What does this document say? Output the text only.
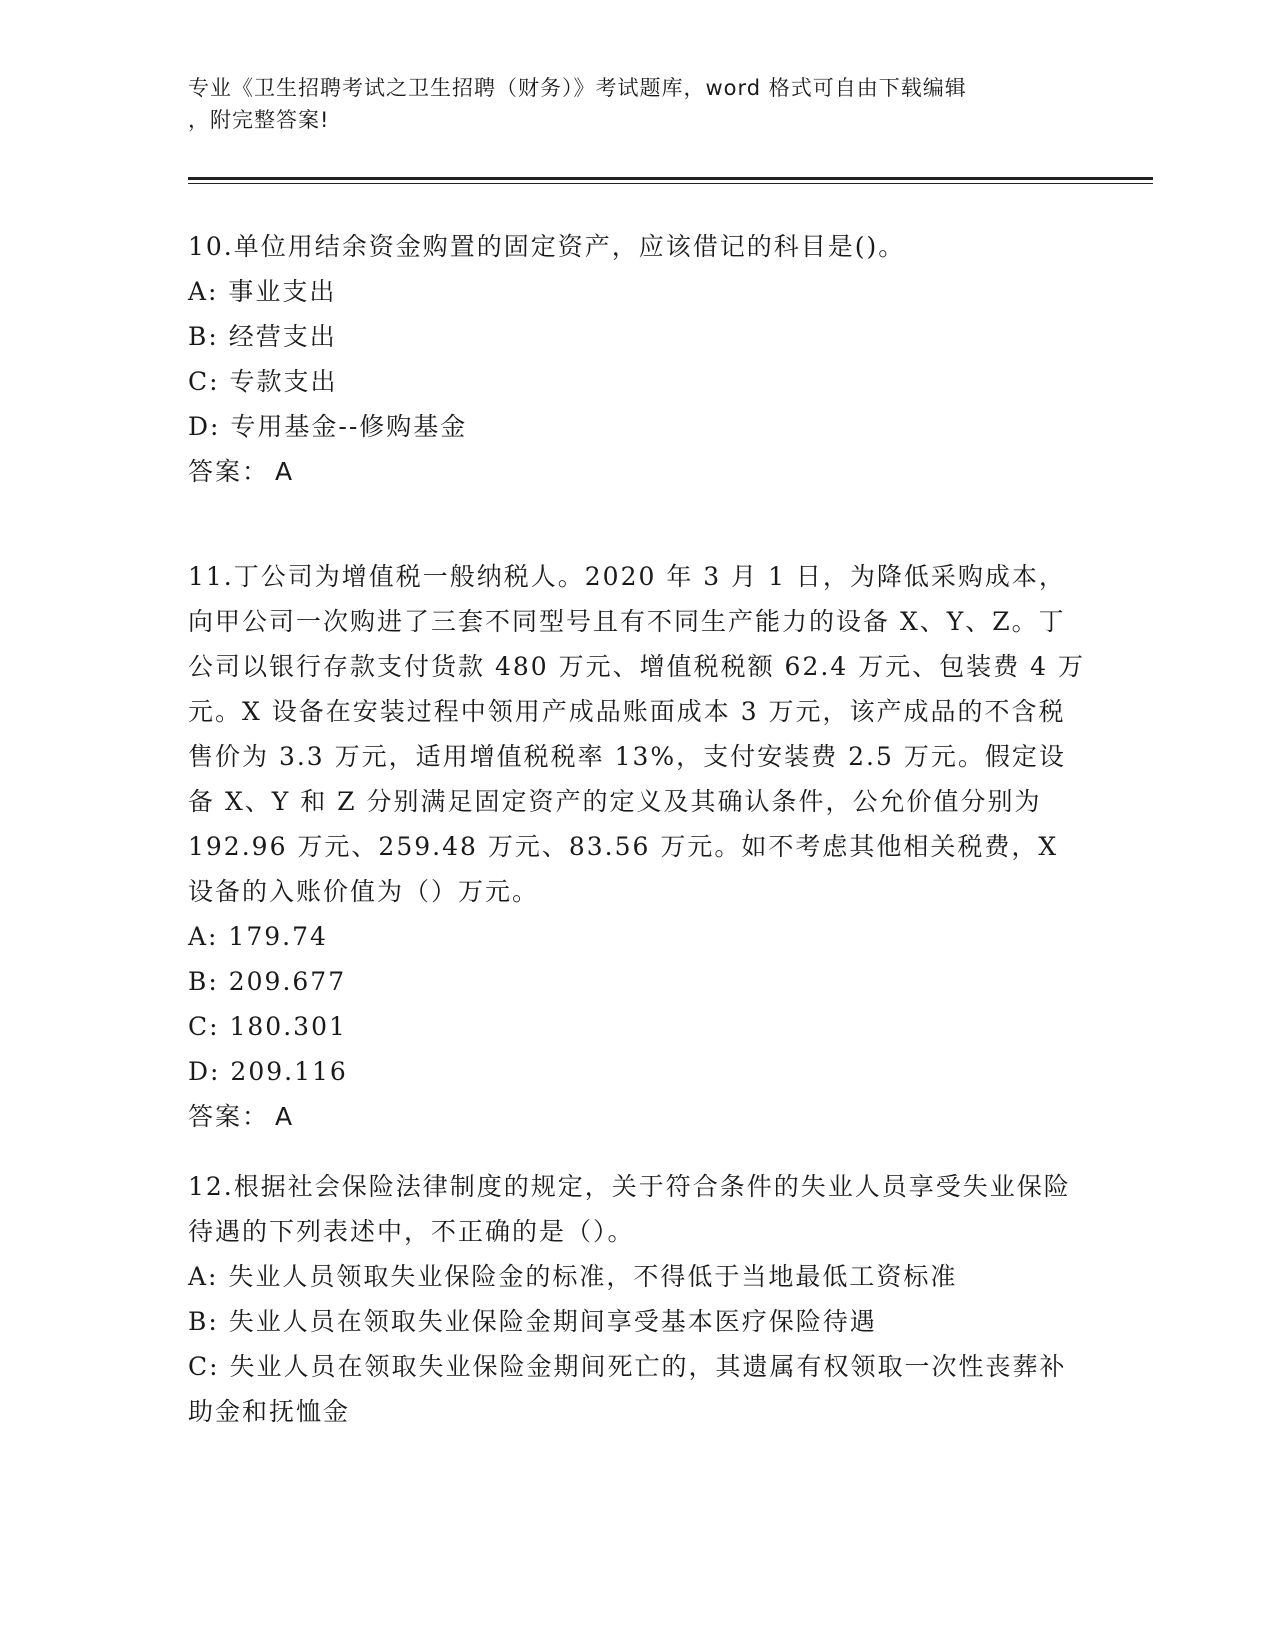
专业《卫生招聘考试之卫生招聘（财务）》考试题库，word 格式可自由下载编辑
，附完整答案!

10.单位用结余资金购置的固定资产，应该借记的科目是()。

A: 事业支出
B: 经营支出
C: 专款支出
D: 专用基金--修购基金
答案： A

11.丁公司为增值税一般纳税人。2020 年 3 月 1 日，为降低采购成本，向甲公司一次购进了三套不同型号且有不同生产能力的设备 X、Y、Z。丁公司以银行存款支付货款 480 万元、增值税税额 62.4 万元、包装费 4 万元。X 设备在安装过程中领用产成品账面成本 3 万元，该产成品的不含税售价为 3.3 万元，适用增值税税率 13%，支付安装费 2.5 万元。假定设备 X、Y 和 Z 分别满足固定资产的定义及其确认条件，公允价值分别为 192.96 万元、259.48 万元、83.56 万元。如不考虑其他相关税费，X 设备的入账价值为（）万元。

A: 179.74
B: 209.677
C: 180.301
D: 209.116
答案： A

12.根据社会保险法律制度的规定，关于符合条件的失业人员享受失业保险待遇的下列表述中，不正确的是（）。

A: 失业人员领取失业保险金的标准，不得低于当地最低工资标准
B: 失业人员在领取失业保险金期间享受基本医疗保险待遇
C: 失业人员在领取失业保险金期间死亡的，其遗属有权领取一次性丧葬补助金和抚恤金
